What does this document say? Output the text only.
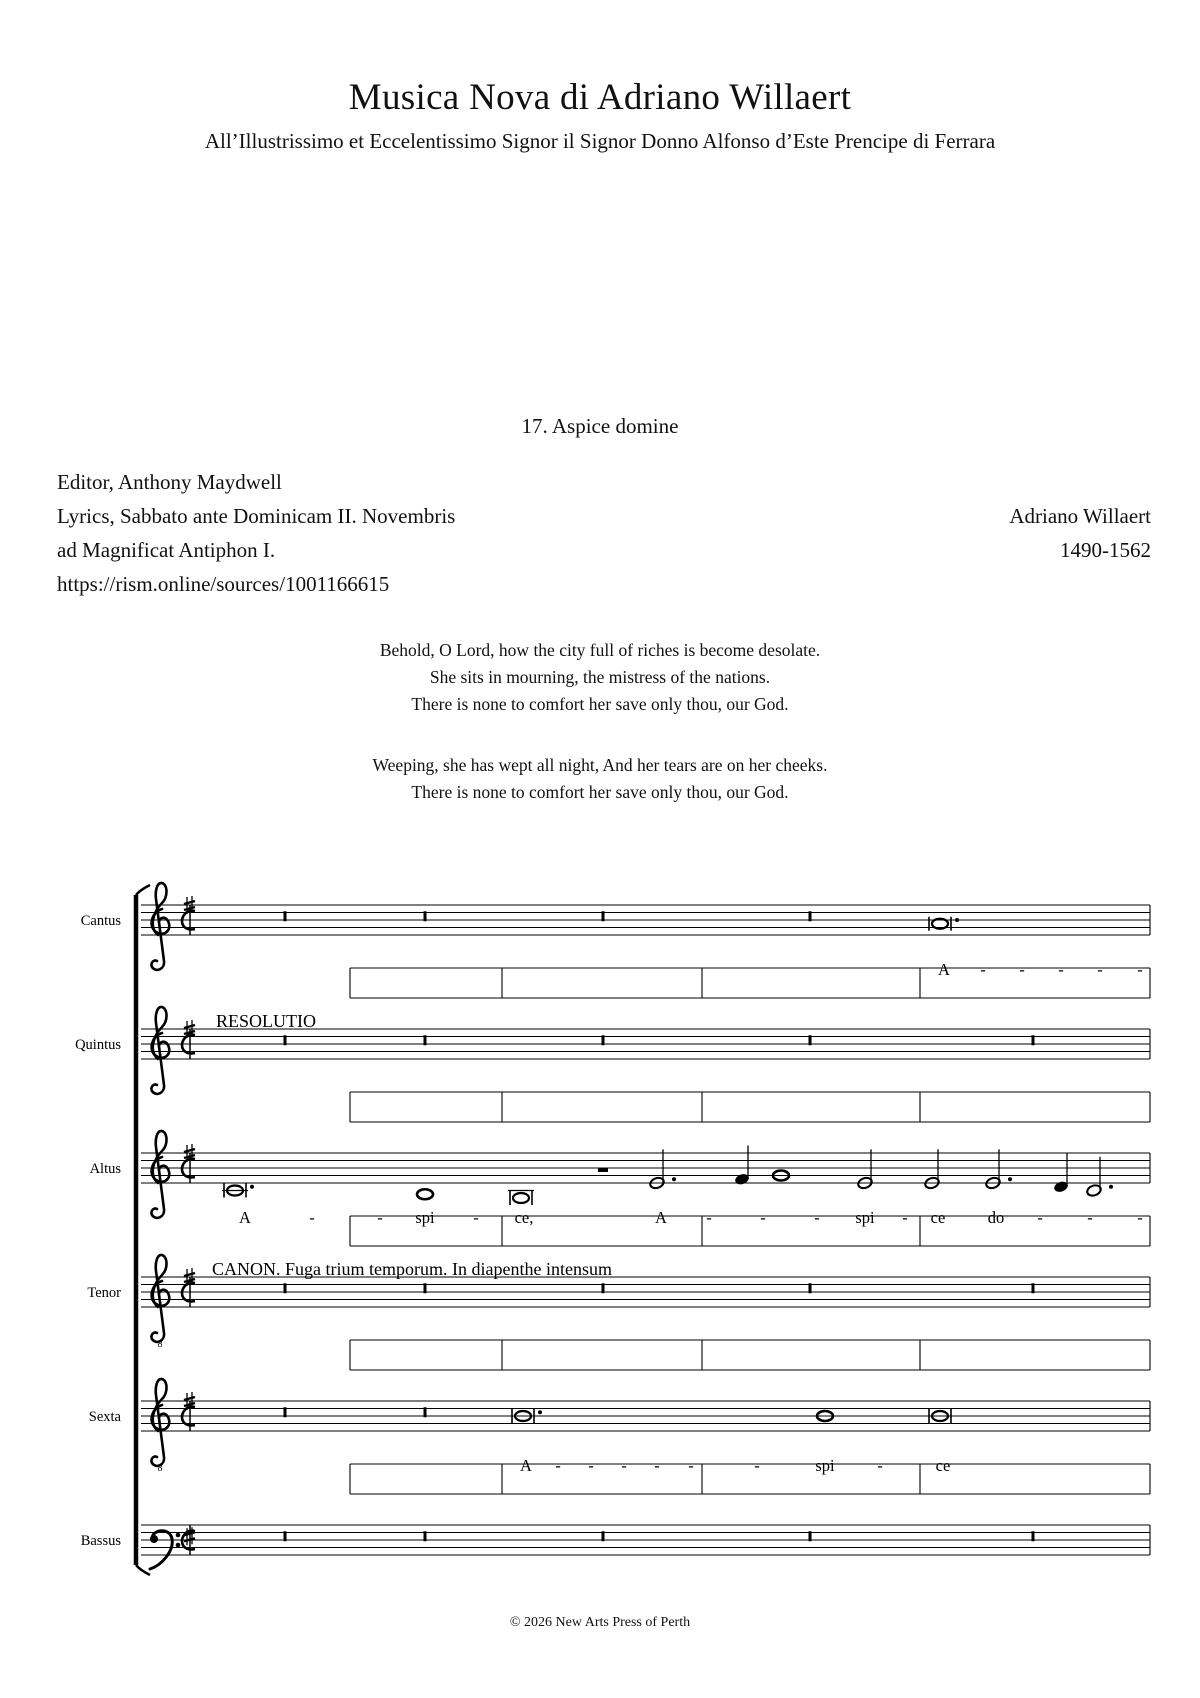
Musica Nova di Adriano Willaert
All’Illustrissimo et Eccelentissimo Signor il Signor Donno Alfonso d’Este Prencipe di Ferrara
17. Aspice domine
Editor, Anthony Maydwell
Lyrics, Sabbato ante Dominicam II. Novembris
ad Magnificat Antiphon I.
https://rism.online/sources/1001166615
Adriano Willaert
1490-1562
Behold, O Lord, how the city full of riches is become desolate.
She sits in mourning, the mistress of the nations.
There is none to comfort her save only thou, our God.
Weeping, she has wept all night, And her tears are on her cheeks.
There is none to comfort her save only thou, our God.
Cantus
Quintus
Altus
Tenor
8
Sexta
8
Bassus
RESOLUTIO
CANON. Fuga trium temporum. In diapenthe intensum
A - - - - -
A	-	- spi - ce,	A -	-	- spi - ce	do -	-	-
A - - - - -	-	spi	-	ce
© 2026 New Arts Press of Perth
